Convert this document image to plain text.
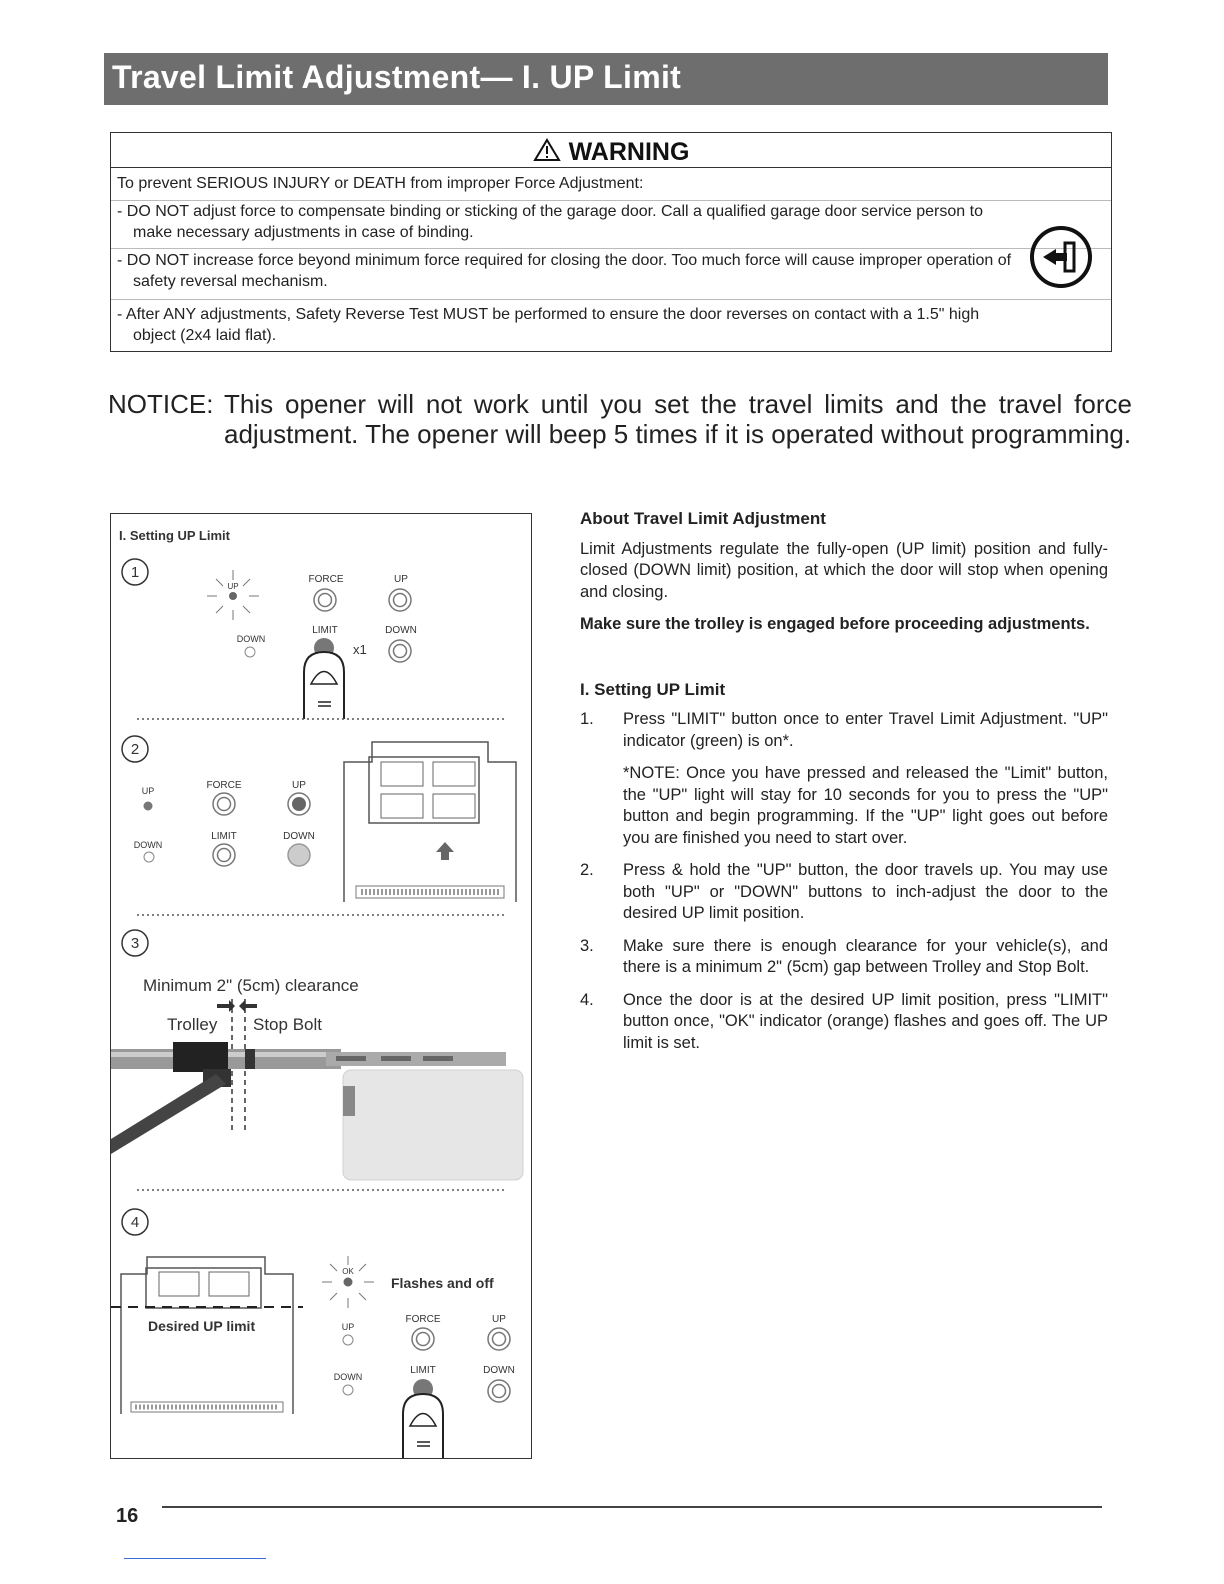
Travel Limit Adjustment— I. UP Limit
WARNING
To prevent SERIOUS INJURY or DEATH from improper Force Adjustment:
- DO NOT adjust force to compensate binding or sticking of the garage door. Call a qualified garage door service person to make necessary adjustments in case of binding.
- DO NOT increase force beyond minimum force required for closing the door. Too much force will cause improper operation of safety reversal mechanism.
- After ANY adjustments, Safety Reverse Test MUST be performed to ensure the door reverses on contact with a 1.5" high object (2x4 laid flat).
NOTICE: This opener will not work until you set the travel limits and the travel force adjustment. The opener will beep 5 times if it is operated without programming.
I. Setting UP Limit
1
UP
DOWN
FORCE	UP
LIMIT
x1
DOWN
2
UP
DOWN
FORCE	UP
LIMIT	DOWN
3
Minimum 2" (5cm) clearance
Trolley Stop Bolt
4
Desired UP limit
OK
Flashes and off
UP
DOWN
FORCE	UP
LIMIT	DOWN
About Travel Limit Adjustment

Limit Adjustments regulate the fully-open (UP limit) position and fully-closed (DOWN limit) position, at which the door will stop when opening and closing.

Make sure the trolley is engaged before proceeding adjustments.

I. Setting UP Limit
1. Press "LIMIT" button once to enter Travel Limit Adjustment. "UP" indicator (green) is on*.
*NOTE: Once you have pressed and released the "Limit" button, the "UP" light will stay for 10 seconds for you to press the "UP" button and begin programming. If the "UP" light goes out before you are finished you need to start over.
2. Press & hold the "UP" button, the door travels up. You may use both "UP" or "DOWN" buttons to inch-adjust the door to the desired UP limit position.
3. Make sure there is enough clearance for your vehicle(s), and there is a minimum 2" (5cm) gap between Trolley and Stop Bolt.
4. Once the door is at the desired UP limit position, press "LIMIT" button once, "OK" indicator (orange) flashes and goes off. The UP limit is set.
16
